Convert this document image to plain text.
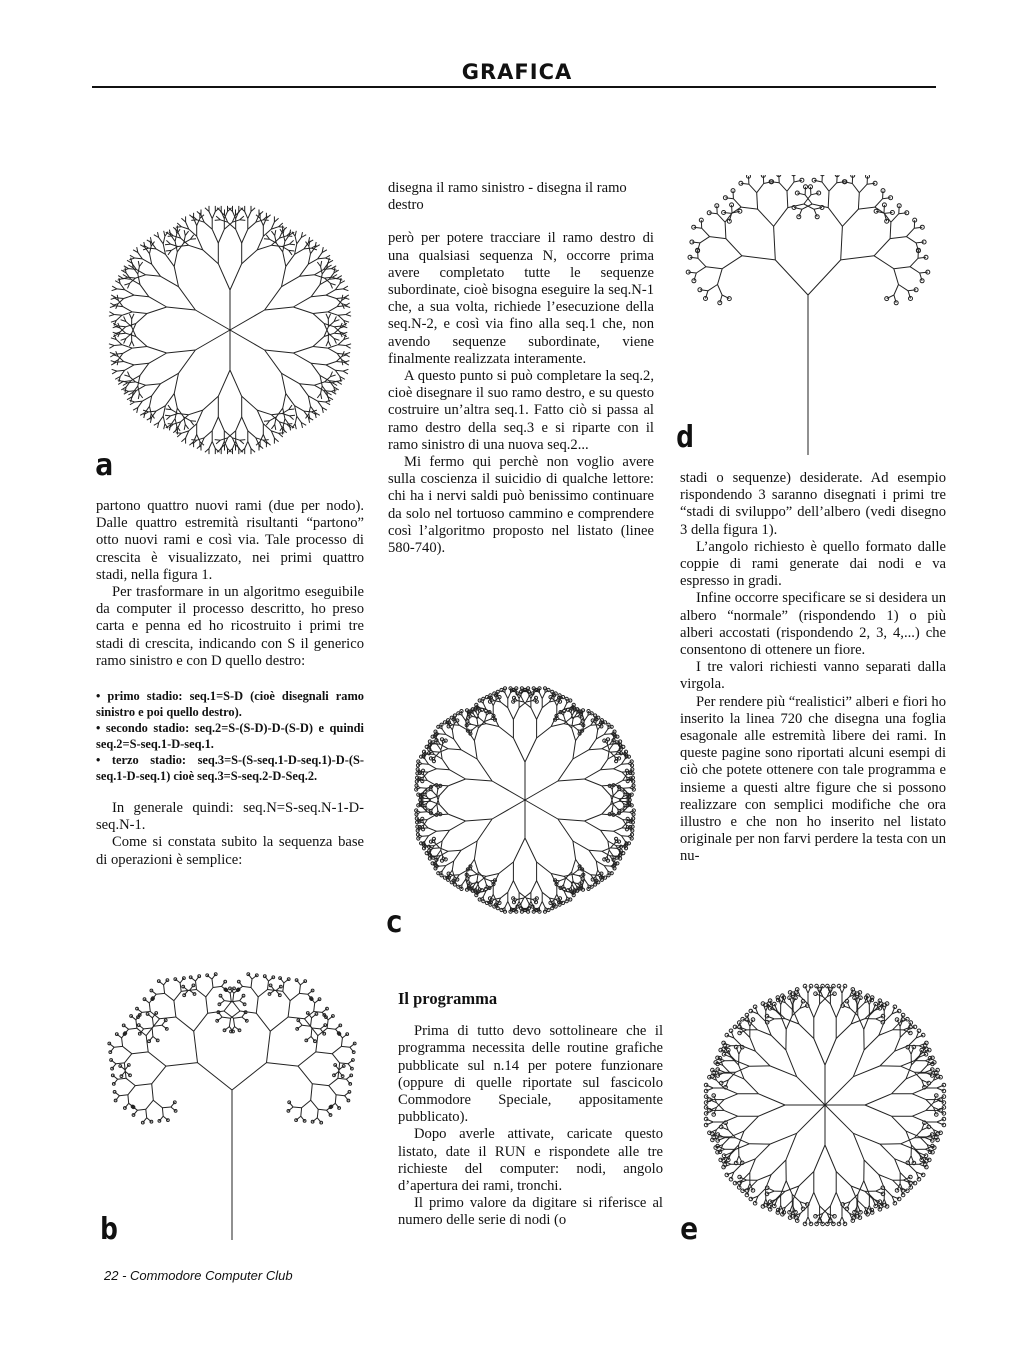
GRAFICA
a

partono quattro nuovi rami (due per nodo). Dalle quattro estremità risultanti “partono” otto nuovi rami e così via. Tale processo di crescita è visualizzato, nei primi quattro stadi, nella figura 1.

Per trasformare in un algoritmo eseguibile da computer il processo descritto, ho preso carta e penna ed ho ricostruito i primi tre stadi di crescita, indicando con S il generico ramo sinistro e con D quello destro:

• primo stadio: seq.1=S-D (cioè disegnali ramo sinistro e poi quello destro).
• secondo stadio: seq.2=S-(S-D)-D-(S-D) e quindi seq.2=S-seq.1-D-seq.1.
• terzo stadio: seq.3=S-(S-seq.1-D-seq.1)-D-(S-seq.1-D-seq.1) cioè seq.3=S-seq.2-D-Seq.2.

In generale quindi: seq.N=S-seq.N-1-D-seq.N-1.

Come si constata subito la sequenza base di operazioni è semplice:

b

disegna il ramo sinistro - disegna il ramo destro

però per potere tracciare il ramo destro di una qualsiasi sequenza N, occorre prima avere completato tutte le sequenze subordinate, cioè bisogna eseguire la seq.N-1 che, a sua volta, richiede l’esecuzione della seq.N-2, e così via fino alla seq.1 che, non avendo sequenze subordinate, viene finalmente realizzata interamente.

A questo punto si può completare la seq.2, cioè disegnare il suo ramo destro, e su questo costruire un’altra seq.1. Fatto ciò si passa al ramo destro della seq.3 e si riparte con il ramo sinistro di una nuova seq.2...

Mi fermo qui perchè non voglio avere sulla coscienza il suicidio di qualche lettore: chi ha i nervi saldi può benissimo continuare da solo nel tortuoso cammino e comprendere così l’algoritmo proposto nel listato (linee 580-740).

c

Il programma

Prima di tutto devo sottolineare che il programma necessita delle routine grafiche pubblicate sul n.14 per potere funzionare (oppure di quelle riportate sul fascicolo Commodore Speciale, appositamente pubblicato).

Dopo averle attivate, caricate questo listato, date il RUN e rispondete alle tre richieste del computer: nodi, angolo d’apertura dei rami, tronchi.

Il primo valore da digitare si riferisce al numero delle serie di nodi (o

d

stadi o sequenze) desiderate. Ad esempio rispondendo 3 saranno disegnati i primi tre “stadi di sviluppo” dell’albero (vedi disegno 3 della figura 1).

L’angolo richiesto è quello formato dalle coppie di rami generate dai nodi e va espresso in gradi.

Infine occorre specificare se si desidera un albero “normale” (rispondendo 1) o più alberi accostati (rispondendo 2, 3, 4,...) che consentono di ottenere un fiore.

I tre valori richiesti vanno separati dalla virgola.

Per rendere più “realistici” alberi e fiori ho inserito la linea 720 che disegna una foglia esagonale alle estremità libere dei rami. In queste pagine sono riportati alcuni esempi di ciò che potete ottenere con tale programma e insieme a questi altre figure che si possono realizzare con semplici modifiche che ora illustro e che non ho inserito nel listato originale per non farvi perdere la testa con un nu-

e
22 - Commodore Computer Club
